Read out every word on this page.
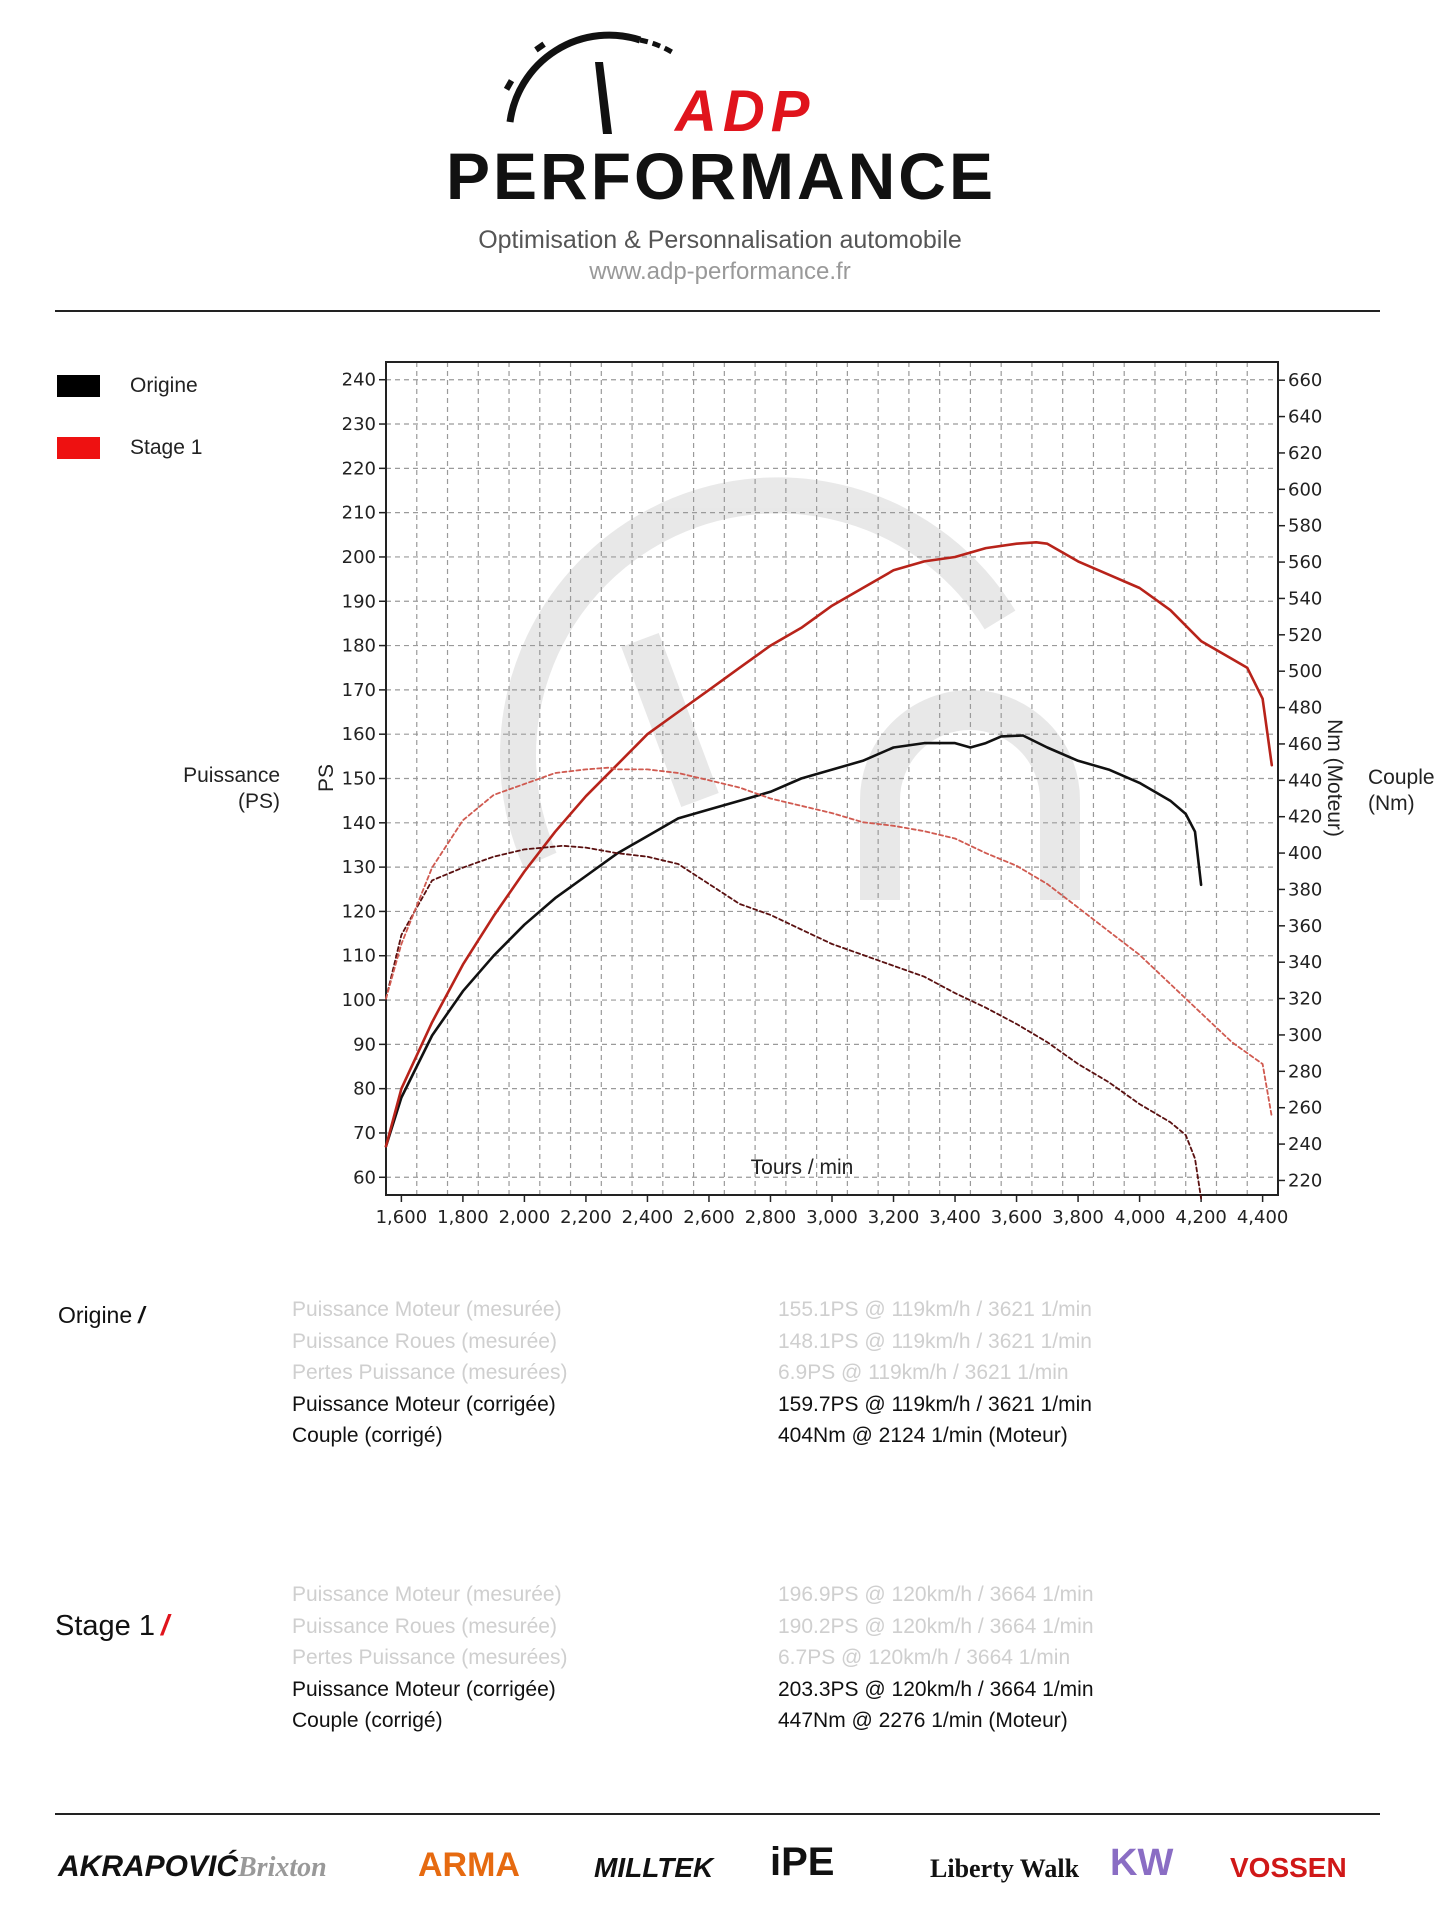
ADP
PERFORMANCE
Optimisation & Personnalisation automobile
www.adp-performance.fr
Origine
Stage 1
1,600 1,800 2,000 2,200 2,400 2,600 2,800 3,000 3,200 3,400 3,600 3,800 4,000 4,200 4,400
60
70
80
90
100
110
120
130
140
150
160
170
180
190
200
210
220
230
240
220
240
260
280
300
320
340
360
380
400
420
440
460
480
500
520
540
560
580
600
620
640
660
Tours / min
PS	Nm (Moteur)
Puissance (PS)
Couple (Nm)
Origine /	Puissance Moteur (mesurée)	155.1PS @ 119km/h / 3621 1/min
Puissance Roues (mesurée)	148.1PS @ 119km/h / 3621 1/min
Pertes Puissance (mesurées)	6.9PS @ 119km/h / 3621 1/min
Puissance Moteur (corrigée)	159.7PS @ 119km/h / 3621 1/min
Couple (corrigé)	404Nm @ 2124 1/min (Moteur)
Stage 1 /
Puissance Moteur (mesurée)	196.9PS @ 120km/h / 3664 1/min
Puissance Roues (mesurée)	190.2PS @ 120km/h / 3664 1/min
Pertes Puissance (mesurées)	6.7PS @ 120km/h / 3664 1/min
Puissance Moteur (corrigée)	203.3PS @ 120km/h / 3664 1/min
Couple (corrigé)	447Nm @ 2276 1/min (Moteur)
AKRAPOVIĆ Brixton	ARMA	MILLTEK iPE	Liberty Walk KW VOSSEN
